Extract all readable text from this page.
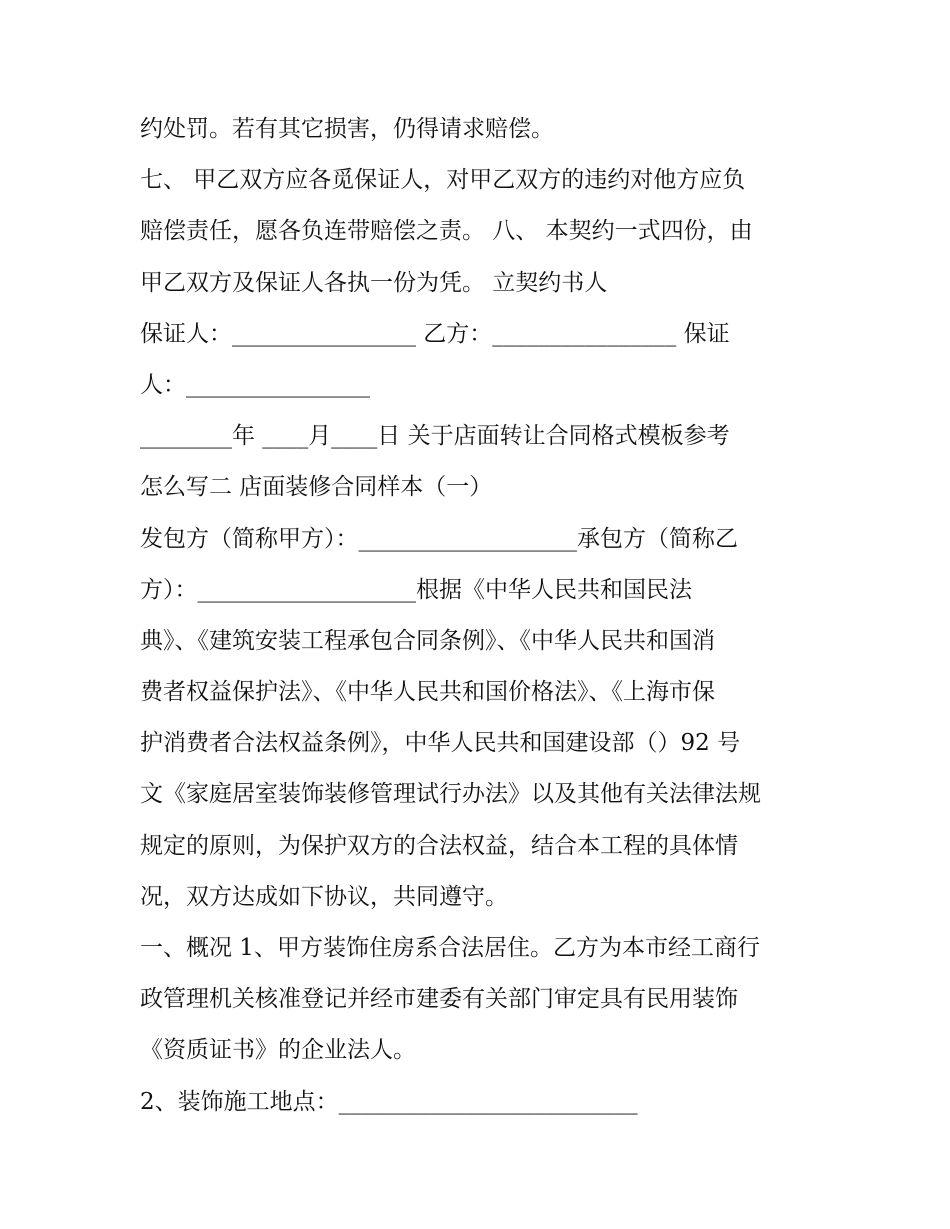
约处罚。若有其它损害，仍得请求赔偿。
七、 甲乙双方应各觅保证人，对甲乙双方的违约对他方应负
赔偿责任，愿各负连带赔偿之责。 八、 本契约一式四份，由
甲乙双方及保证人各执一份为凭。 立契约书人
保证人：________________ 乙方：________________ 保证
人：________________
________年 ____月____日 关于店面转让合同格式模板参考
怎么写二 店面装修合同样本（一）
发包方（简称甲方）：___________________承包方（简称乙
方）：___________________根据《中华人民共和国民法
典》、《建筑安装工程承包合同条例》、《中华人民共和国消
费者权益保护法》、《中华人民共和国价格法》、《上海市保
护消费者合法权益条例》，中华人民共和国建设部（）92 号
文《家庭居室装饰装修管理试行办法》以及其他有关法律法规
规定的原则，为保护双方的合法权益，结合本工程的具体情
况，双方达成如下协议，共同遵守。
一、概况 1、甲方装饰住房系合法居住。乙方为本市经工商行
政管理机关核准登记并经市建委有关部门审定具有民用装饰
《资质证书》的企业法人。
2、装饰施工地点：__________________________
